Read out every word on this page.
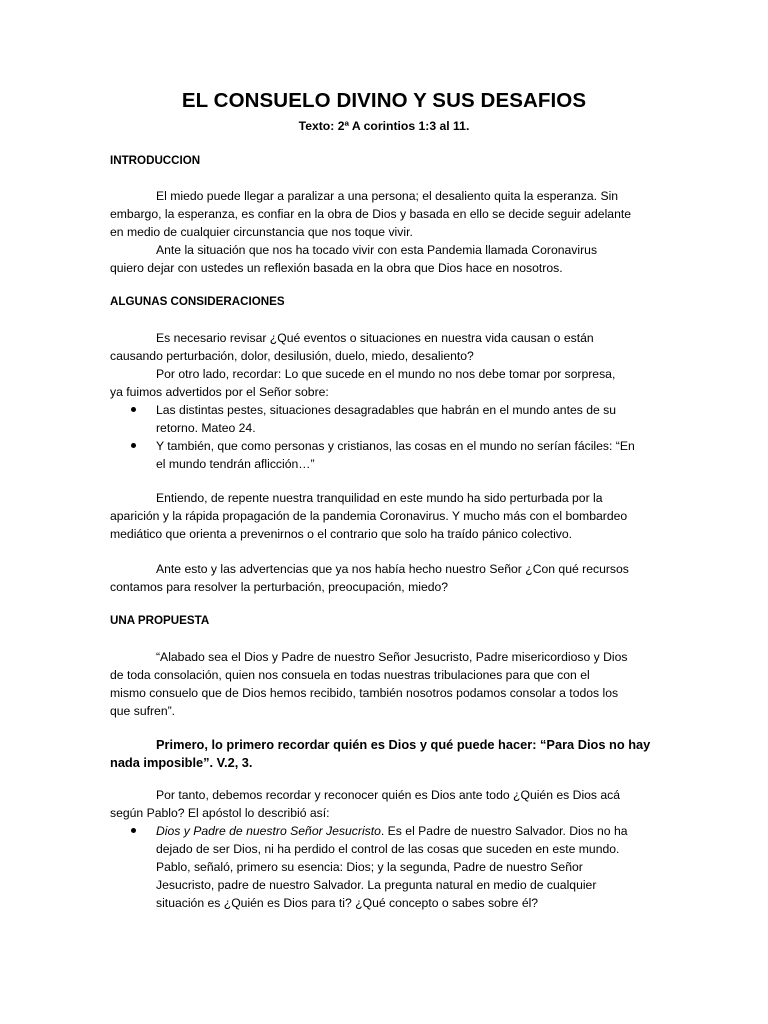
EL CONSUELO DIVINO Y SUS DESAFIOS
Texto: 2ª A corintios 1:3 al 11.
INTRODUCCION
El miedo puede llegar a paralizar a una persona; el desaliento quita la esperanza. Sin
embargo, la esperanza, es confiar en la obra de Dios y basada en ello se decide seguir adelante
en medio de cualquier circunstancia que nos toque vivir.
Ante la situación que nos ha tocado vivir con esta Pandemia llamada Coronavirus
quiero dejar con ustedes un reflexión basada en la obra que Dios hace en nosotros.
ALGUNAS CONSIDERACIONES
Es necesario revisar ¿Qué eventos o situaciones en nuestra vida causan o están
causando perturbación, dolor, desilusión, duelo, miedo, desaliento?
Por otro lado, recordar: Lo que sucede en el mundo no nos debe tomar por sorpresa,
ya fuimos advertidos por el Señor sobre:
Las distintas pestes, situaciones desagradables que habrán en el mundo antes de su
retorno. Mateo 24.
Y también, que como personas y cristianos, las cosas en el mundo no serían fáciles: “En
el mundo tendrán aflicción…”
Entiendo, de repente nuestra tranquilidad en este mundo ha sido perturbada por la
aparición y la rápida propagación de la pandemia Coronavirus. Y mucho más con el bombardeo
mediático que orienta a prevenirnos o el contrario que solo ha traído pánico colectivo.
Ante esto y las advertencias que ya nos había hecho nuestro Señor ¿Con qué recursos
contamos para resolver la perturbación, preocupación, miedo?
UNA PROPUESTA
“Alabado sea el Dios y Padre de nuestro Señor Jesucristo, Padre misericordioso y Dios
de toda consolación, quien nos consuela en todas nuestras tribulaciones para que con el
mismo consuelo que de Dios hemos recibido, también nosotros podamos consolar a todos los
que sufren”.
Primero, lo primero recordar quién es Dios y qué puede hacer: “Para Dios no hay
nada imposible”. V.2, 3.
Por tanto, debemos recordar y reconocer quién es Dios ante todo ¿Quién es Dios acá
según Pablo? El apóstol lo describió así:
Dios y Padre de nuestro Señor Jesucristo. Es el Padre de nuestro Salvador. Dios no ha
dejado de ser Dios, ni ha perdido el control de las cosas que suceden en este mundo.
Pablo, señaló, primero su esencia: Dios; y la segunda, Padre de nuestro Señor
Jesucristo, padre de nuestro Salvador. La pregunta natural en medio de cualquier
situación es ¿Quién es Dios para ti? ¿Qué concepto o sabes sobre él?
